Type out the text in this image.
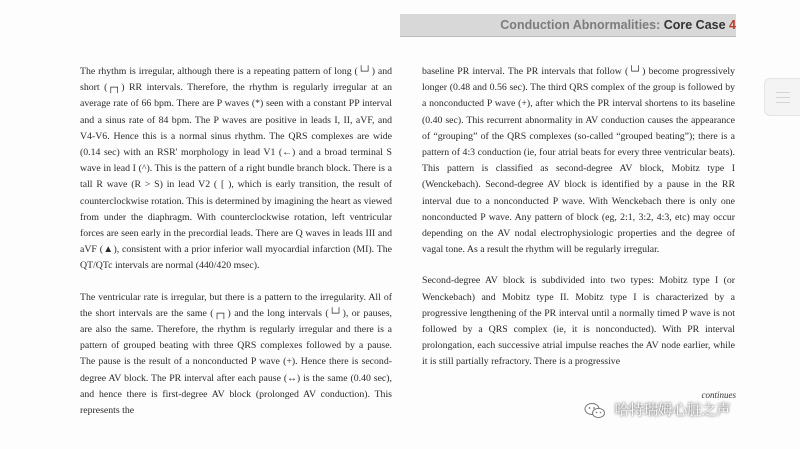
Conduction Abnormalities: Core Case 4

The rhythm is irregular, although there is a repeating pattern of long (└┘) and short (┌┐) RR intervals. Therefore, the rhythm is regularly irregular at an average rate of 66 bpm. There are P waves (*) seen with a constant PP interval and a sinus rate of 84 bpm. The P waves are positive in leads I, II, aVF, and V4-V6. Hence this is a normal sinus rhythm. The QRS complexes are wide (0.14 sec) with an RSR' morphology in lead V1 (←) and a broad terminal S wave in lead I (^). This is the pattern of a right bundle branch block. There is a tall R wave (R > S) in lead V2 ( [ ), which is early transition, the result of counterclockwise rotation. This is determined by imagining the heart as viewed from under the diaphragm. With counterclockwise rotation, left ventricular forces are seen early in the precordial leads. There are Q waves in leads III and aVF (▲), consistent with a prior inferior wall myocardial infarction (MI). The QT/QTc intervals are normal (440/420 msec).

The ventricular rate is irregular, but there is a pattern to the irregularity. All of the short intervals are the same (┌┐) and the long intervals (└┘), or pauses, are also the same. Therefore, the rhythm is regularly irregular and there is a pattern of grouped beating with three QRS complexes followed by a pause. The pause is the result of a nonconducted P wave (+). Hence there is second-degree AV block. The PR interval after each pause (↔) is the same (0.40 sec), and hence there is first-degree AV block (prolonged AV conduction). This represents the

baseline PR interval. The PR intervals that follow (└┘) become progressively longer (0.48 and 0.56 sec). The third QRS complex of the group is followed by a nonconducted P wave (+), after which the PR interval shortens to its baseline (0.40 sec). This recurrent abnormality in AV conduction causes the appearance of “grouping” of the QRS complexes (so-called “grouped beating”); there is a pattern of 4:3 conduction (ie, four atrial beats for every three ventricular beats). This pattern is classified as second-degree AV block, Mobitz type I (Wenckebach). Second-degree AV block is identified by a pause in the RR interval due to a nonconducted P wave. With Wenckebach there is only one nonconducted P wave. Any pattern of block (eg, 2:1, 3:2, 4:3, etc) may occur depending on the AV nodal electrophysiologic properties and the degree of vagal tone. As a result the rhythm will be regularly irregular.

Second-degree AV block is subdivided into two types: Mobitz type I (or Wenckebach) and Mobitz type II. Mobitz type I is characterized by a progressive lengthening of the PR interval until a normally timed P wave is not followed by a QRS complex (ie, it is nonconducted). With PR interval prolongation, each successive atrial impulse reaches the AV node earlier, while it is still partially refractory. There is a progressive

continues
哈特瑞姆心脏之声
